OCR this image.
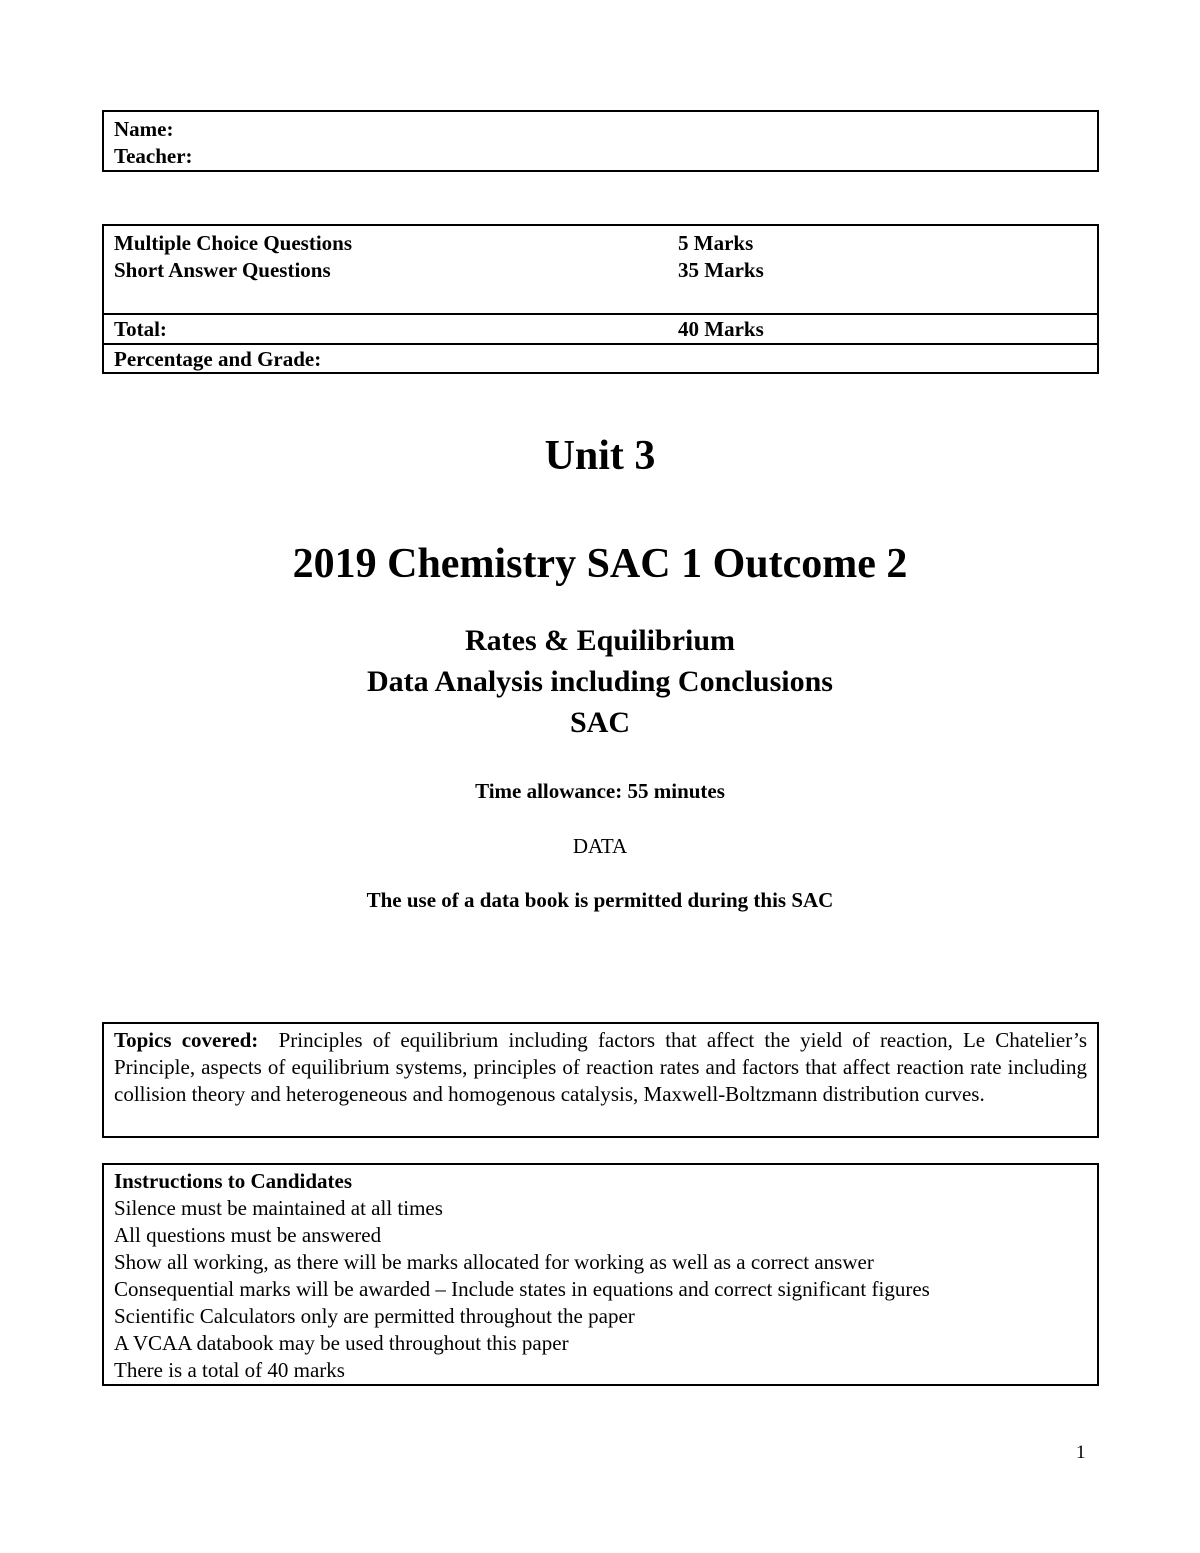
Name:
Teacher:
Multiple Choice Questions
Short Answer Questions
5 Marks
35 Marks
Total:	40 Marks
Percentage and Grade:
Unit 3
2019 Chemistry SAC 1 Outcome 2
Rates & Equilibrium
Data Analysis including Conclusions
SAC
Time allowance: 55 minutes
DATA
The use of a data book is permitted during this SAC

Topics covered: Principles of equilibrium including factors that affect the yield of reaction, Le Chatelier’s Principle, aspects of equilibrium systems, principles of reaction rates and factors that affect reaction rate including collision theory and heterogeneous and homogenous catalysis, Maxwell-Boltzmann distribution curves.

Instructions to Candidates
Silence must be maintained at all times
All questions must be answered
Show all working, as there will be marks allocated for working as well as a correct answer
Consequential marks will be awarded – Include states in equations and correct significant figures
Scientific Calculators only are permitted throughout the paper
A VCAA databook may be used throughout this paper
There is a total of 40 marks
1
